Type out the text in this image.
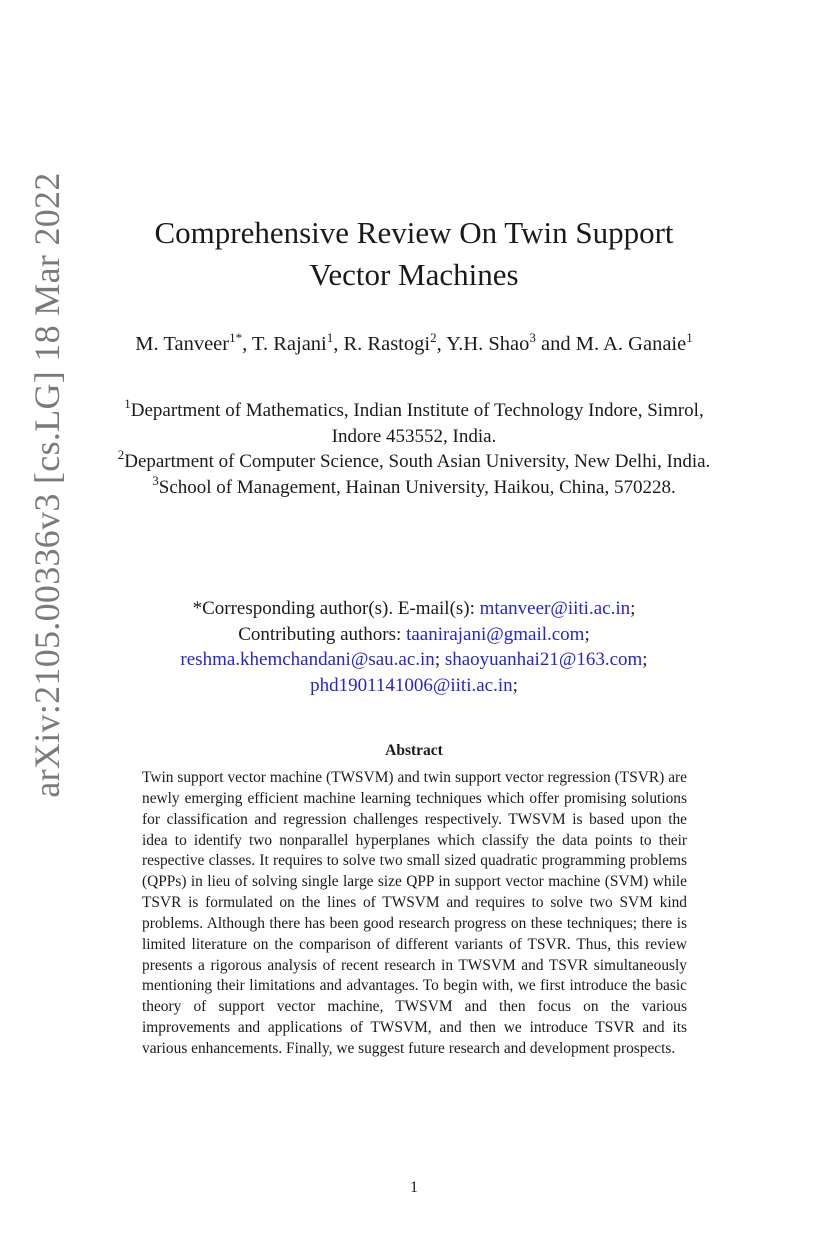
arXiv:2105.00336v3 [cs.LG] 18 Mar 2022	Comprehensive Review On Twin Support
Vector Machines
M. Tanveer$^{1*}$, T. Rajani$^1$, R. Rastogi$^2$, Y.H. Shao$^3$ and M. A. Ganaie$^1$
$^1$Department of Mathematics, Indian Institute of Technology Indore, Simrol, Indore 453552, India.
$^2$Department of Computer Science, South Asian University, New Delhi, India.
$^3$School of Management, Hainan University, Haikou, China, 570228.
*Corresponding author(s). E-mail(s): mtanveer@iiti.ac.in;
Contributing authors: taanirajani@gmail.com;
reshma.khemchandani@sau.ac.in; shaoyuanhai21@163.com;
phd1901141006@iiti.ac.in;
Abstract

Twin support vector machine (TWSVM) and twin support vector regression (TSVR) are newly emerging efficient machine learning techniques which offer promising solutions for classification and regression challenges respectively. TWSVM is based upon the idea to identify two nonparallel hyperplanes which classify the data points to their respective classes. It requires to solve two small sized quadratic programming problems (QPPs) in lieu of solving single large size QPP in support vector machine (SVM) while TSVR is formulated on the lines of TWSVM and requires to solve two SVM kind problems. Although there has been good research progress on these techniques; there is limited literature on the comparison of different variants of TSVR. Thus, this review presents a rigorous analysis of recent research in TWSVM and TSVR simultaneously mentioning their limitations and advantages. To begin with, we first introduce the basic theory of support vector machine, TWSVM and then focus on the various improvements and applications of TWSVM, and then we introduce TSVR and its various enhancements. Finally, we suggest future research and development prospects.

1
